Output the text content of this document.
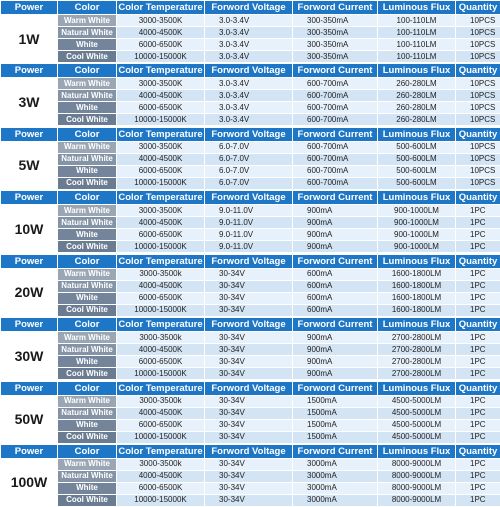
Power	Color	Color Temperature	Forword Voltage	Forword Current	Luminous Flux	Quantity
1W	Warm White	3000-3500K	3.0-3.4V	300-350mA	100-110LM	10PCS
	Natural White	4000-4500K	3.0-3.4V	300-350mA	100-110LM	10PCS
	White	6000-6500K	3.0-3.4V	300-350mA	100-110LM	10PCS
	Cool White	10000-15000K	3.0-3.4V	300-350mA	100-110LM	10PCS
Power	Color	Color Temperature	Forword Voltage	Forword Current	Luminous Flux	Quantity
3W	Warm White	3000-3500K	3.0-3.4V	600-700mA	260-280LM	10PCS
	Natural White	4000-4500K	3.0-3.4V	600-700mA	260-280LM	10PCS
	White	6000-6500K	3.0-3.4V	600-700mA	260-280LM	10PCS
	Cool White	10000-15000K	3.0-3.4V	600-700mA	260-280LM	10PCS
Power	Color	Color Temperature	Forword Voltage	Forword Current	Luminous Flux	Quantity
5W	Warm White	3000-3500K	6.0-7.0V	600-700mA	500-600LM	10PCS
	Natural White	4000-4500K	6.0-7.0V	600-700mA	500-600LM	10PCS
	White	6000-6500K	6.0-7.0V	600-700mA	500-600LM	10PCS
	Cool White	10000-15000K	6.0-7.0V	600-700mA	500-600LM	10PCS
Power	Color	Color Temperature	Forword Voltage	Forword Current	Luminous Flux	Quantity
10W	Warm White	3000-3500K	9.0-11.0V	900mA	900-1000LM	1PC
	Natural White	4000-4500K	9.0-11.0V	900mA	900-1000LM	1PC
	White	6000-6500K	9.0-11.0V	900mA	900-1000LM	1PC
	Cool White	10000-15000K	9.0-11.0V	900mA	900-1000LM	1PC
Power	Color	Color Temperature	Forword Voltage	Forword Current	Luminous Flux	Quantity
20W	Warm White	3000-3500k	30-34V	600mA	1600-1800LM	1PC
	Natural White	4000-4500K	30-34V	600mA	1600-1800LM	1PC
	White	6000-6500K	30-34V	600mA	1600-1800LM	1PC
	Cool White	10000-15000K	30-34V	600mA	1600-1800LM	1PC
Power	Color	Color Temperature	Forword Voltage	Forword Current	Luminous Flux	Quantity
30W	Warm White	3000-3500k	30-34V	900mA	2700-2800LM	1PC
	Natural White	4000-4500K	30-34V	900mA	2700-2800LM	1PC
	White	6000-6500K	30-34V	900mA	2700-2800LM	1PC
	Cool White	10000-15000K	30-34V	900mA	2700-2800LM	1PC
Power	Color	Color Temperature	Forword Voltage	Forword Current	Luminous Flux	Quantity
50W	Warm White	3000-3500k	30-34V	1500mA	4500-5000LM	1PC
	Natural White	4000-4500K	30-34V	1500mA	4500-5000LM	1PC
	White	6000-6500K	30-34V	1500mA	4500-5000LM	1PC
	Cool White	10000-15000K	30-34V	1500mA	4500-5000LM	1PC
Power	Color	Color Temperature	Forword Voltage	Forword Current	Luminous Flux	Quantity
100W	Warm White	3000-3500k	30-34V	3000mA	8000-9000LM	1PC
	Natural White	4000-4500K	30-34V	3000mA	8000-9000LM	1PC
	White	6000-6500K	30-34V	3000mA	8000-9000LM	1PC
	Cool White	10000-15000K	30-34V	3000mA	8000-9000LM	1PC
